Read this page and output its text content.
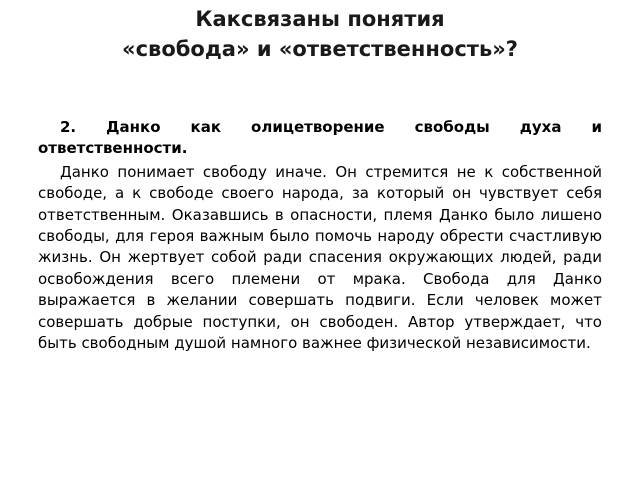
Какcвязаны понятия
«свобода» и «ответственность»?

2. Данко как олицетворение свободы духа и ответственности.

Данко понимает свободу иначе. Он стремится не к собственной свободе, а к свободе своего народа, за который он чувствует себя ответственным. Оказавшись в опасности, племя Данко было лишено свободы, для героя важным было помочь народу обрести счастливую жизнь. Он жертвует собой ради спасения окружающих людей, ради освобождения всего племени от мрака. Свобода для Данко выражается в желании совершать подвиги. Если человек может совершать добрые поступки, он свободен. Автор утверждает, что быть свободным душой намного важнее физической независимости.
